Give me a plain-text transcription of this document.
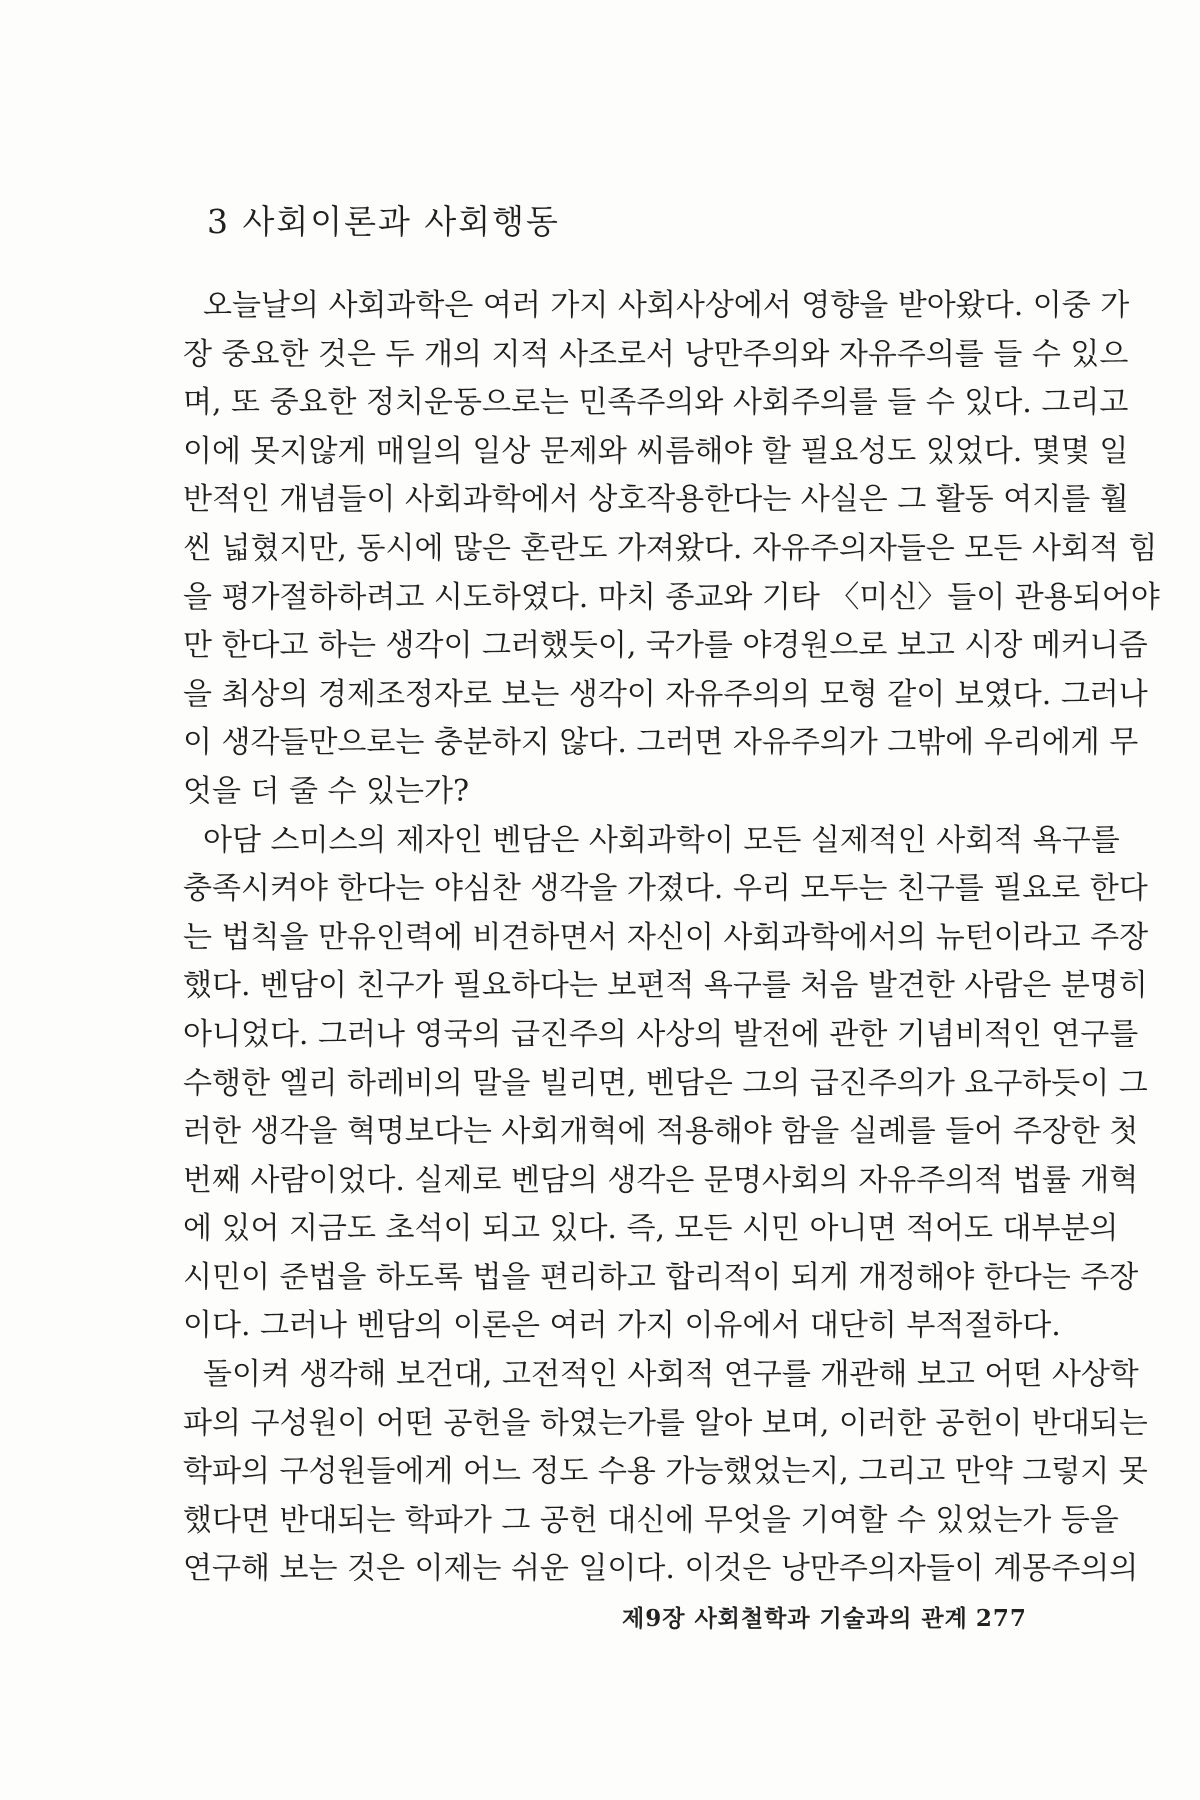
3 사회이론과 사회행동
오늘날의 사회과학은 여러 가지 사회사상에서 영향을 받아왔다. 이중 가
장 중요한 것은 두 개의 지적 사조로서 낭만주의와 자유주의를 들 수 있으
며, 또 중요한 정치운동으로는 민족주의와 사회주의를 들 수 있다. 그리고
이에 못지않게 매일의 일상 문제와 씨름해야 할 필요성도 있었다. 몇몇 일
반적인 개념들이 사회과학에서 상호작용한다는 사실은 그 활동 여지를 훨
씬 넓혔지만, 동시에 많은 혼란도 가져왔다. 자유주의자들은 모든 사회적 힘
을 평가절하하려고 시도하였다. 마치 종교와 기타 〈미신〉들이 관용되어야
만 한다고 하는 생각이 그러했듯이, 국가를 야경원으로 보고 시장 메커니즘
을 최상의 경제조정자로 보는 생각이 자유주의의 모형 같이 보였다. 그러나
이 생각들만으로는 충분하지 않다. 그러면 자유주의가 그밖에 우리에게 무
엇을 더 줄 수 있는가?
아담 스미스의 제자인 벤담은 사회과학이 모든 실제적인 사회적 욕구를
충족시켜야 한다는 야심찬 생각을 가졌다. 우리 모두는 친구를 필요로 한다
는 법칙을 만유인력에 비견하면서 자신이 사회과학에서의 뉴턴이라고 주장
했다. 벤담이 친구가 필요하다는 보편적 욕구를 처음 발견한 사람은 분명히
아니었다. 그러나 영국의 급진주의 사상의 발전에 관한 기념비적인 연구를
수행한 엘리 하레비의 말을 빌리면, 벤담은 그의 급진주의가 요구하듯이 그
러한 생각을 혁명보다는 사회개혁에 적용해야 함을 실례를 들어 주장한 첫
번째 사람이었다. 실제로 벤담의 생각은 문명사회의 자유주의적 법률 개혁
에 있어 지금도 초석이 되고 있다. 즉, 모든 시민 아니면 적어도 대부분의
시민이 준법을 하도록 법을 편리하고 합리적이 되게 개정해야 한다는 주장
이다. 그러나 벤담의 이론은 여러 가지 이유에서 대단히 부적절하다.
돌이켜 생각해 보건대, 고전적인 사회적 연구를 개관해 보고 어떤 사상학
파의 구성원이 어떤 공헌을 하였는가를 알아 보며, 이러한 공헌이 반대되는
학파의 구성원들에게 어느 정도 수용 가능했었는지, 그리고 만약 그렇지 못
했다면 반대되는 학파가 그 공헌 대신에 무엇을 기여할 수 있었는가 등을
연구해 보는 것은 이제는 쉬운 일이다. 이것은 낭만주의자들이 계몽주의의
제9장 사회철학과 기술과의 관계 277
